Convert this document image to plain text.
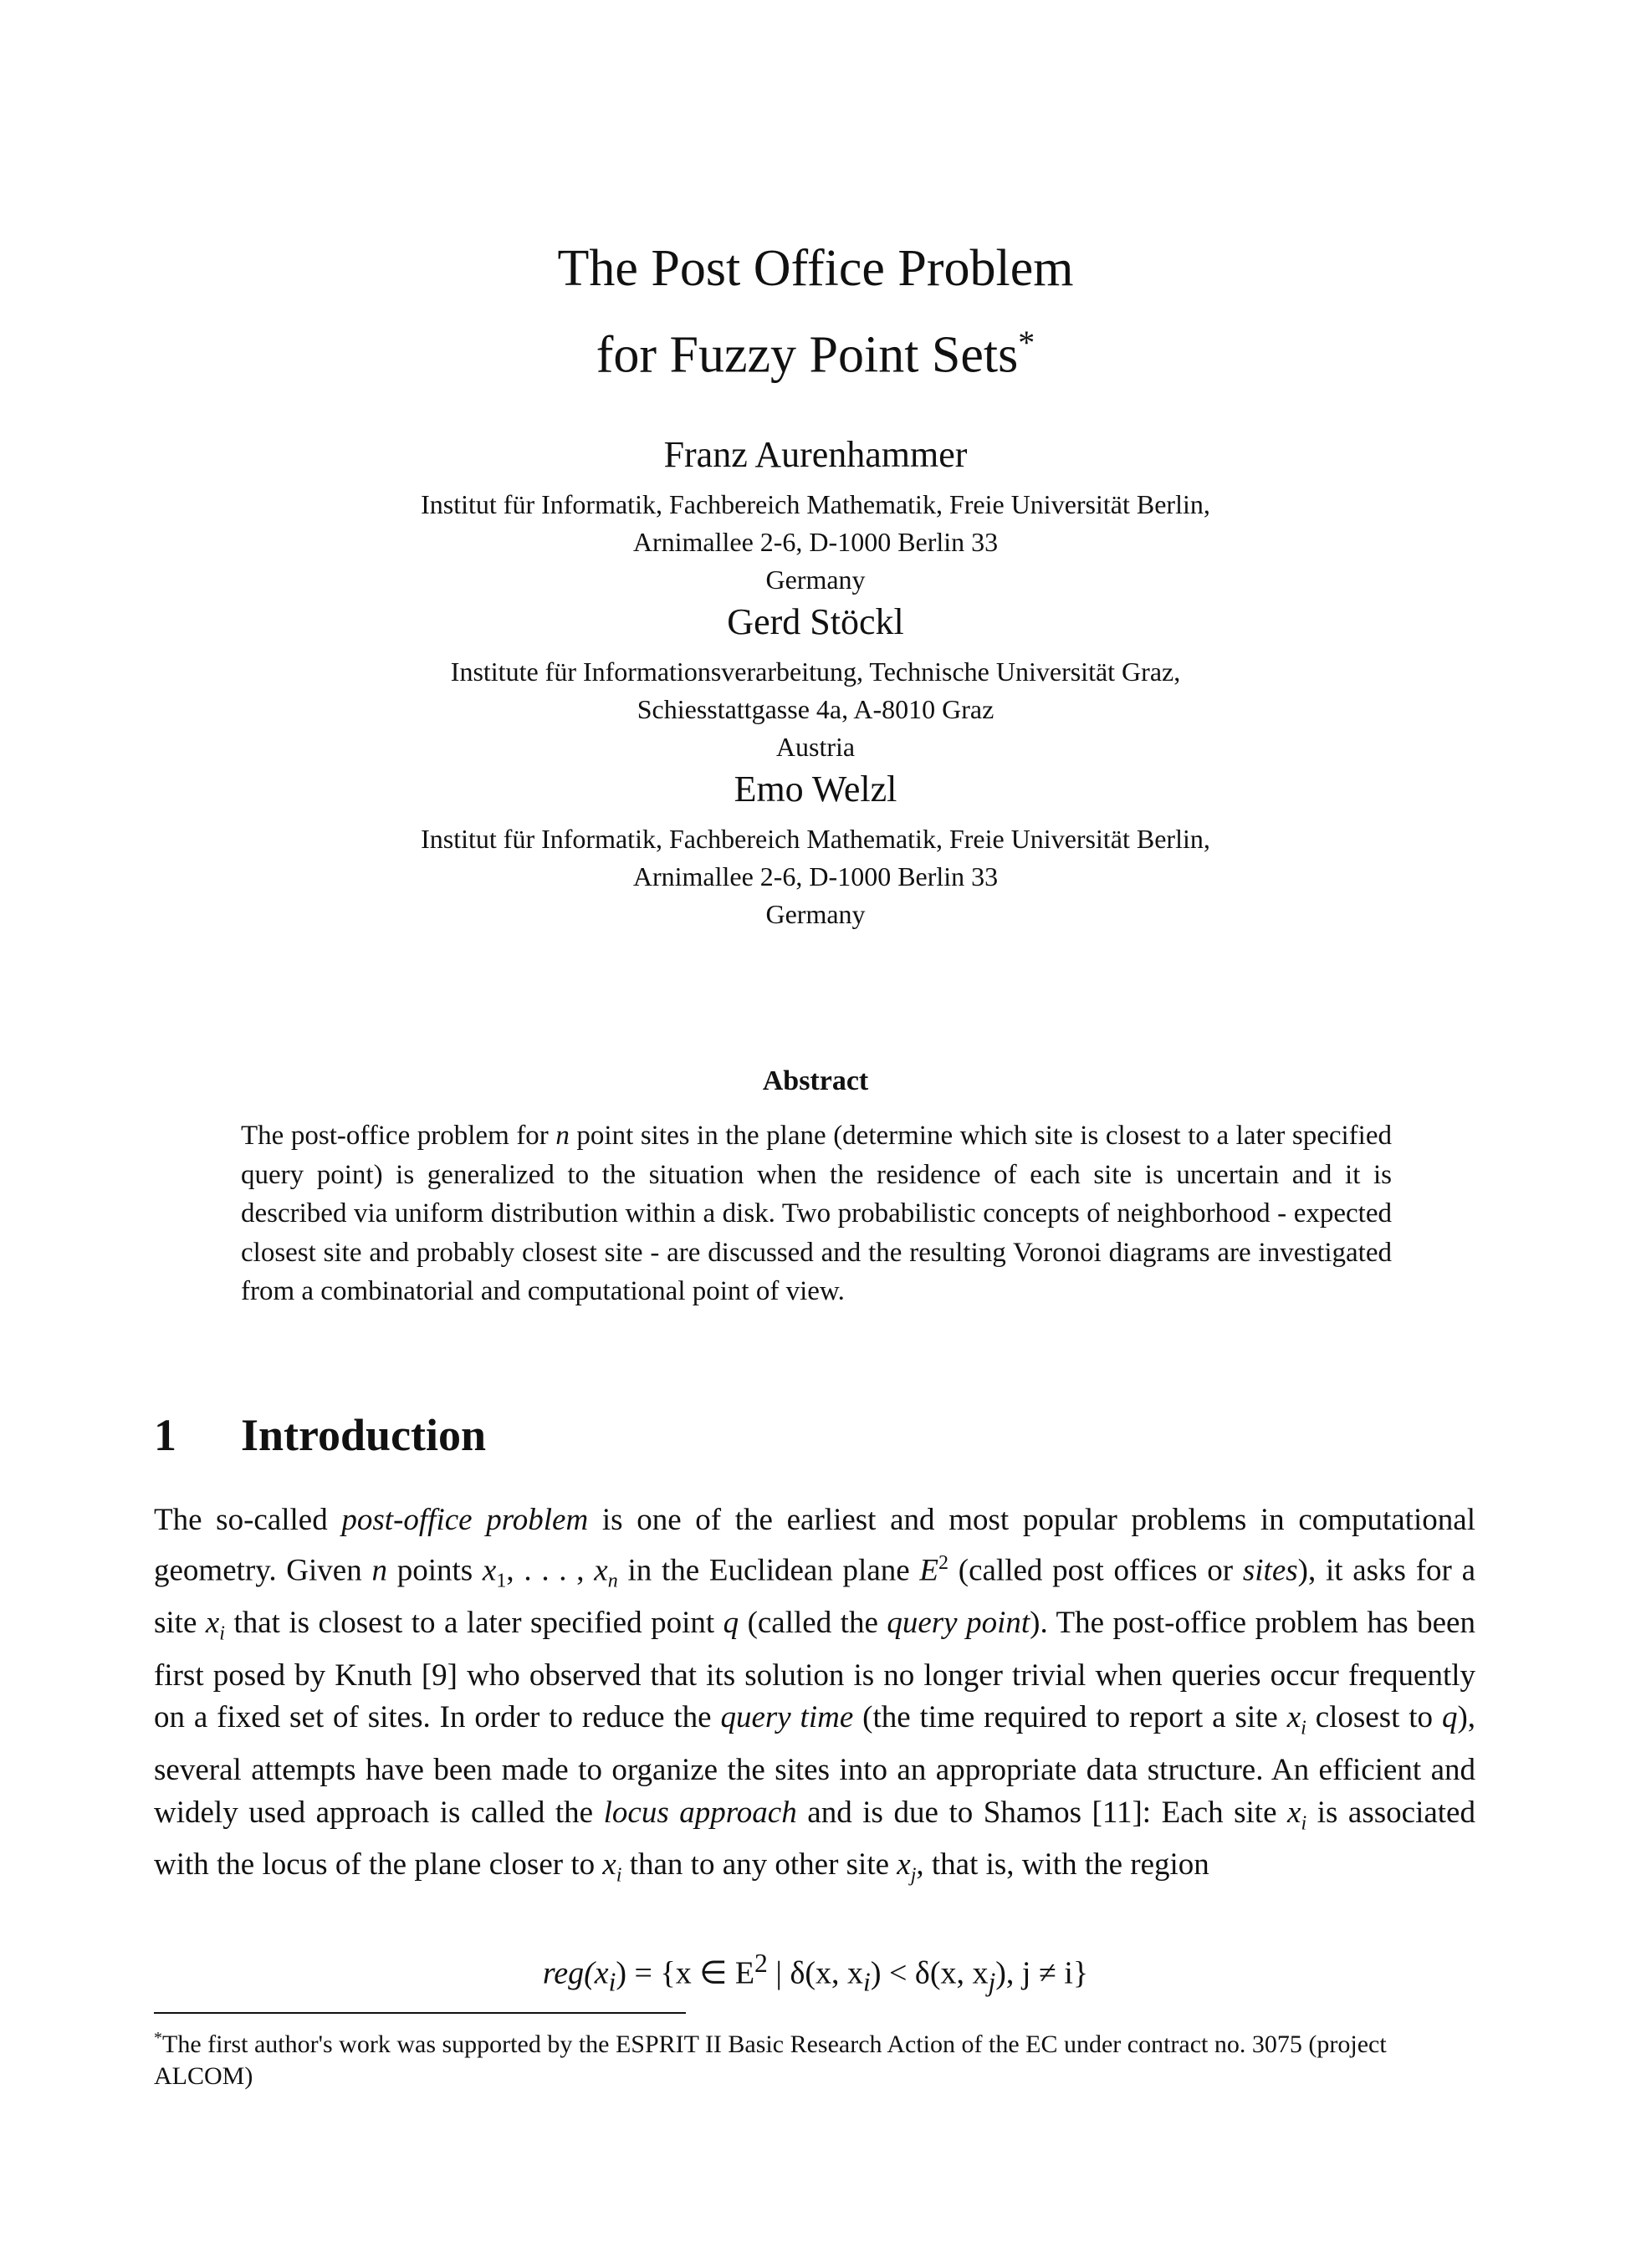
The Post Office Problem
for Fuzzy Point Sets*
Franz Aurenhammer
Institut für Informatik, Fachbereich Mathematik, Freie Universität Berlin,
Arnimallee 2-6, D-1000 Berlin 33
Germany
Gerd Stöckl
Institute für Informationsverarbeitung, Technische Universität Graz,
Schiesstattgasse 4a, A-8010 Graz
Austria
Emo Welzl
Institut für Informatik, Fachbereich Mathematik, Freie Universität Berlin,
Arnimallee 2-6, D-1000 Berlin 33
Germany
Abstract
The post-office problem for n point sites in the plane (determine which site is closest to a later specified query point) is generalized to the situation when the residence of each site is uncertain and it is described via uniform distribution within a disk. Two probabilistic concepts of neighborhood - expected closest site and probably closest site - are discussed and the resulting Voronoi diagrams are investigated from a combinatorial and computational point of view.
1 Introduction
The so-called post-office problem is one of the earliest and most popular problems in computational geometry. Given n points $x_1$, . . . , $x_n$ in the Euclidean plane $E^2$ (called post offices or sites), it asks for a site $x_i$ that is closest to a later specified point q (called the query point). The post-office problem has been first posed by Knuth [9] who observed that its solution is no longer trivial when queries occur frequently on a fixed set of sites. In order to reduce the query time (the time required to report a site $x_i$ closest to q), several attempts have been made to organize the sites into an appropriate data structure. An efficient and widely used approach is called the locus approach and is due to Shamos [11]: Each site $x_i$ is associated with the locus of the plane closer to $x_i$ than to any other site $x_j$, that is, with the region
$reg(x_i) = \{x$ ∈ $E^2$ | δ(x, $x_i) < \delta(x$, $x_j$), j ≠ i}
*The first author's work was supported by the ESPRIT II Basic Research Action of the EC under contract no. 3075 (project ALCOM)
